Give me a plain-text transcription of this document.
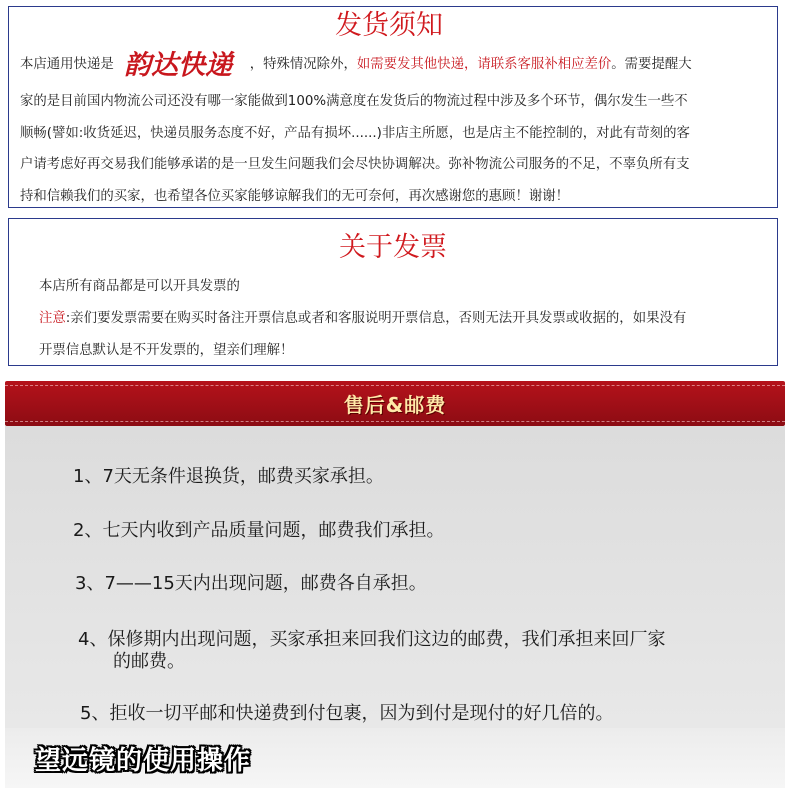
发货须知
本店通用快递是 韵达快递 ，特殊情况除外，如需要发其他快递，请联系客服补相应差价。需要提醒大
家的是目前国内物流公司还没有哪一家能做到100%满意度在发货后的物流过程中涉及多个环节，偶尔发生一些不
顺畅(譬如:收货延迟，快递员服务态度不好，产品有损坏......)非店主所愿，也是店主不能控制的，对此有苛刻的客
户请考虑好再交易我们能够承诺的是一旦发生问题我们会尽快协调解决。弥补物流公司服务的不足，不辜负所有支
持和信赖我们的买家，也希望各位买家能够谅解我们的无可奈何，再次感谢您的惠顾！谢谢！
关于发票
本店所有商品都是可以开具发票的
注意:亲们要发票需要在购买时备注开票信息或者和客服说明开票信息，否则无法开具发票或收据的，如果没有
开票信息默认是不开发票的，望亲们理解！
售后&邮费
1、7天无条件退换货，邮费买家承担。
2、七天内收到产品质量问题，邮费我们承担。
3、7——15天内出现问题，邮费各自承担。
4、保修期内出现问题，买家承担来回我们这边的邮费，我们承担来回厂家
的邮费。
5、拒收一切平邮和快递费到付包裹，因为到付是现付的好几倍的。
望远镜的使用操作
